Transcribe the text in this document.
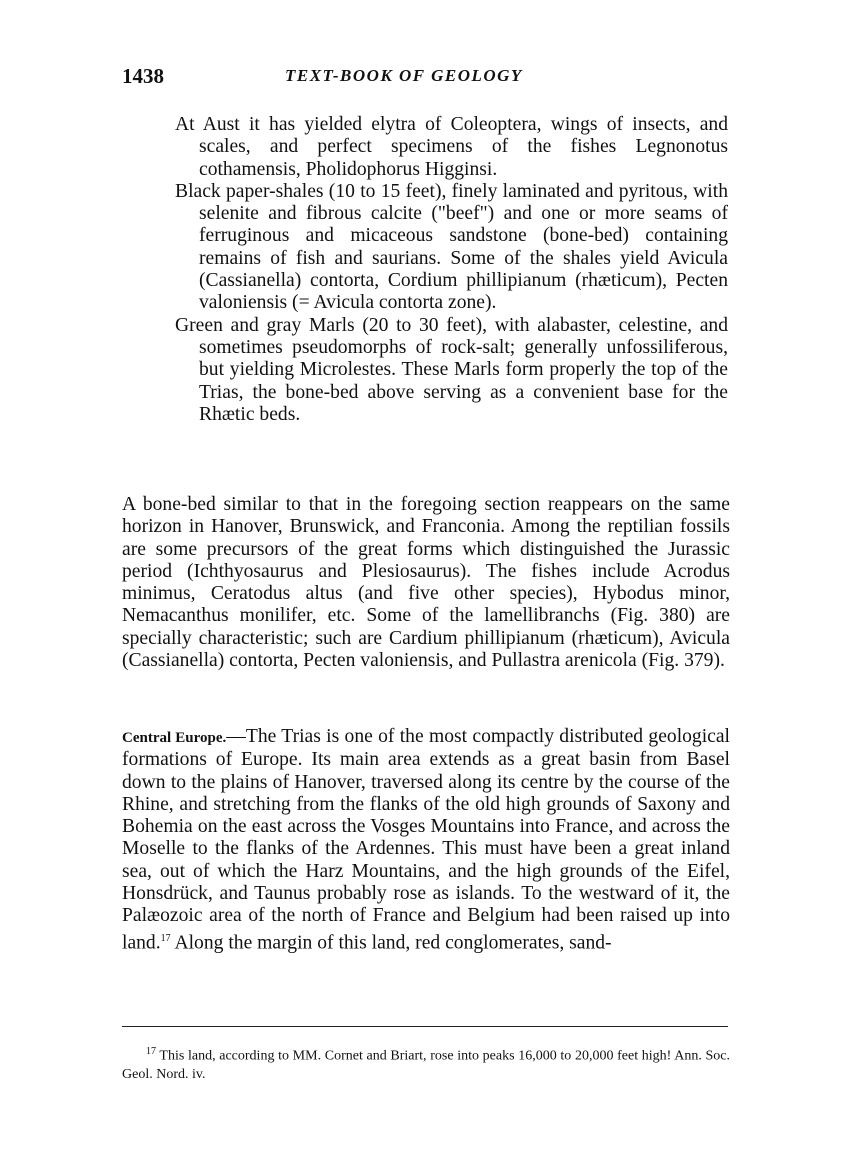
1438	TEXT-BOOK OF GEOLOGY

At Aust it has yielded elytra of Coleoptera, wings of insects, and scales, and perfect specimens of the fishes Legnonotus cothamensis, Pholidophorus Higginsi.

Black paper-shales (10 to 15 feet), finely laminated and pyritous, with selenite and fibrous calcite ("beef") and one or more seams of ferruginous and micaceous sandstone (bone-bed) containing remains of fish and saurians. Some of the shales yield Avicula (Cassianella) contorta, Cordium phillipianum (rhæticum), Pecten valoniensis (= Avicula contorta zone).

Green and gray Marls (20 to 30 feet), with alabaster, celestine, and sometimes pseudomorphs of rock-salt; generally unfossiliferous, but yielding Microlestes. These Marls form properly the top of the Trias, the bone-bed above serving as a convenient base for the Rhætic beds.

A bone-bed similar to that in the foregoing section reappears on the same horizon in Hanover, Brunswick, and Franconia. Among the reptilian fossils are some precursors of the great forms which distinguished the Jurassic period (Ichthyosaurus and Plesiosaurus). The fishes include Acrodus minimus, Ceratodus altus (and five other species), Hybodus minor, Nemacanthus monilifer, etc. Some of the lamellibranchs (Fig. 380) are specially characteristic; such are Cardium phillipianum (rhæticum), Avicula (Cassianella) contorta, Pecten valoniensis, and Pullastra arenicola (Fig. 379).

Central Europe.—The Trias is one of the most compactly distributed geological formations of Europe. Its main area extends as a great basin from Basel down to the plains of Hanover, traversed along its centre by the course of the Rhine, and stretching from the flanks of the old high grounds of Saxony and Bohemia on the east across the Vosges Mountains into France, and across the Moselle to the flanks of the Ardennes. This must have been a great inland sea, out of which the Harz Mountains, and the high grounds of the Eifel, Honsdrück, and Taunus probably rose as islands. To the westward of it, the Palæozoic area of the north of France and Belgium had been raised up into land.$^{17}$ Along the margin of this land, red conglomerates, sand-

$^{17}$ This land, according to MM. Cornet and Briart, rose into peaks 16,000 to 20,000 feet high! Ann. Soc. Geol. Nord. iv.
